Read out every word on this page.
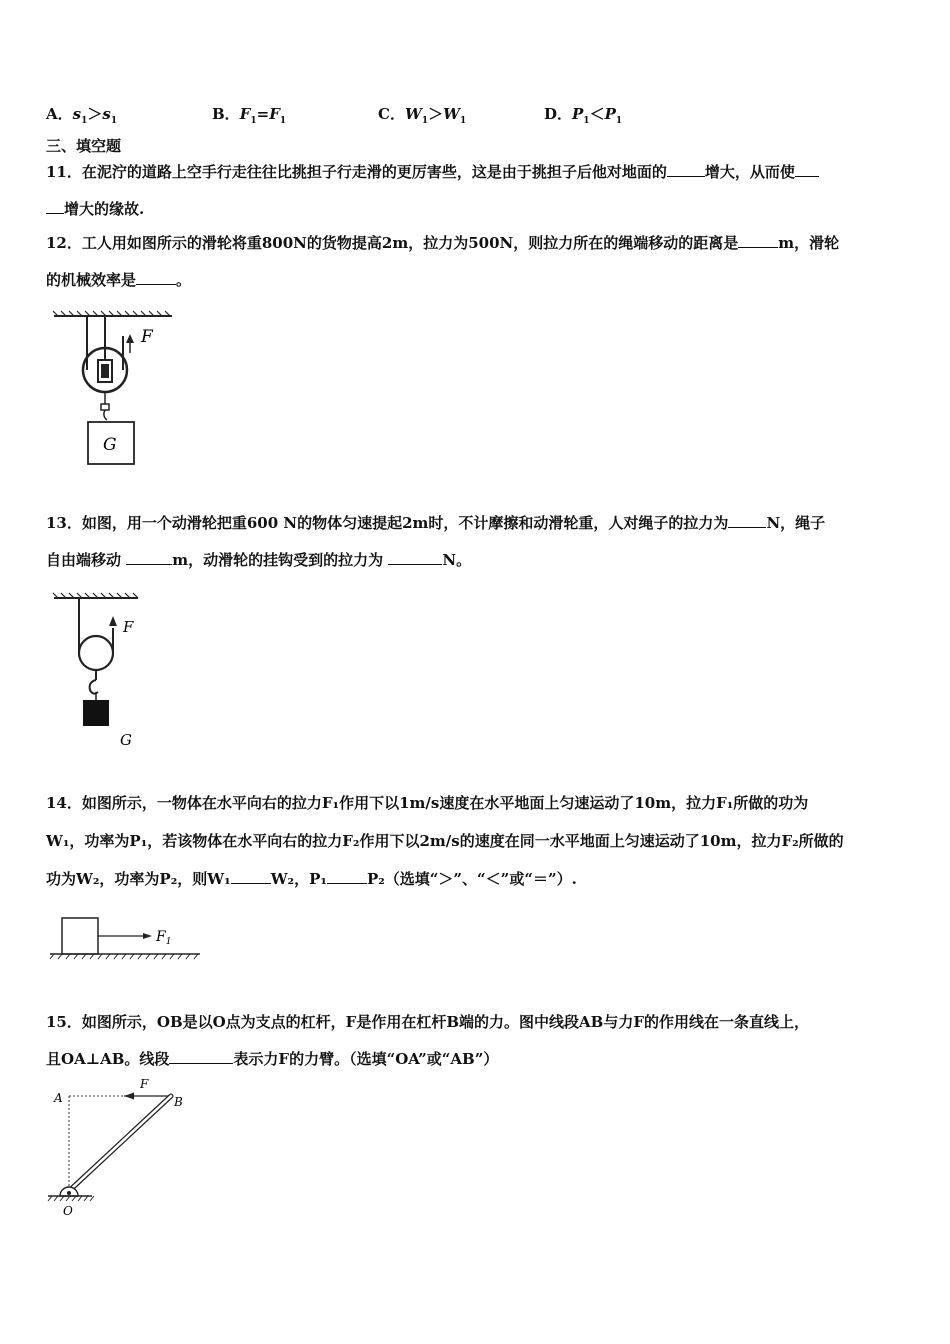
A．$s_1>s_1$	B．$F_1=F_1$	C．$W_1>W_1$	D．$P_1<P_1$
三、填空题
11．在泥泞的道路上空手行走往往比挑担子行走滑的更厉害些，这是由于挑担子后他对地面的	增大，从而使
增大的缘故.
12．工人用如图所示的滑轮将重800N的货物提高2m，拉力为500N，则拉力所在的绳端移动的距离是	m，滑轮
的机械效率是	。
F
G
13．如图，用一个动滑轮把重600 N的物体匀速提起2m时，不计摩擦和动滑轮重，人对绳子的拉力为	N，绳子
自由端移动	m，动滑轮的挂钩受到的拉力为	N。
F
G
14．如图所示，一物体在水平向右的拉力F₁作用下以1m/s速度在水平地面上匀速运动了10m，拉力F₁所做的功为
W₁，功率为P₁，若该物体在水平向右的拉力F₂作用下以2m/s的速度在同一水平地面上匀速运动了10m，拉力F₂所做的
功为W₂，功率为P₂，则W₁	W₂，P₁	P₂（选填“＞”、“＜”或“＝”）.
$F_1$
15．如图所示，OB是以O点为支点的杠杆，F是作用在杠杆B端的力。图中线段AB与力F的作用线在一条直线上，
且OA⊥AB。线段	表示力F的力臂。（选填“OA”或“AB”）
A	B
F
O
